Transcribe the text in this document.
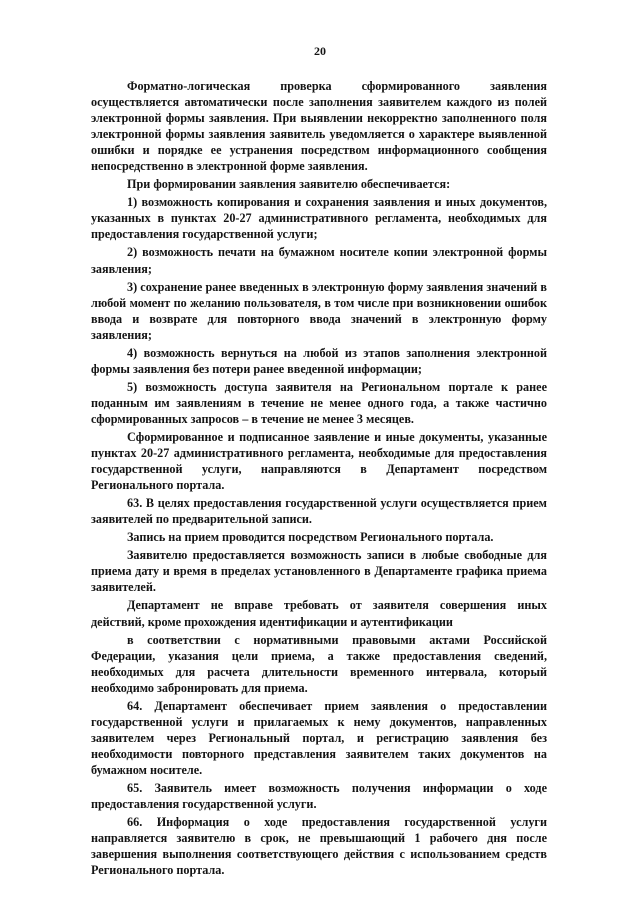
20

Форматно-логическая проверка сформированного заявления осуществляется автоматически после заполнения заявителем каждого из полей электронной формы заявления. При выявлении некорректно заполненного поля электронной формы заявления заявитель уведомляется о характере выявленной ошибки и порядке ее устранения посредством информационного сообщения непосредственно в электронной форме заявления.

При формировании заявления заявителю обеспечивается:

1) возможность копирования и сохранения заявления и иных документов, указанных в пунктах 20-27 административного регламента, необходимых для предоставления государственной услуги;

2) возможность печати на бумажном носителе копии электронной формы заявления;

3) сохранение ранее введенных в электронную форму заявления значений в любой момент по желанию пользователя, в том числе при возникновении ошибок ввода и возврате для повторного ввода значений в электронную форму заявления;

4) возможность вернуться на любой из этапов заполнения электронной формы заявления без потери ранее введенной информации;

5) возможность доступа заявителя на Региональном портале к ранее поданным им заявлениям в течение не менее одного года, а также частично сформированных запросов – в течение не менее 3 месяцев.

Сформированное и подписанное заявление и иные документы, указанные пунктах 20-27 административного регламента, необходимые для предоставления государственной услуги, направляются в Департамент посредством Регионального портала.

63. В целях предоставления государственной услуги осуществляется прием заявителей по предварительной записи.

Запись на прием проводится посредством Регионального портала.

Заявителю предоставляется возможность записи в любые свободные для приема дату и время в пределах установленного в Департаменте графика приема заявителей.

Департамент не вправе требовать от заявителя совершения иных действий, кроме прохождения идентификации и аутентификации

в соответствии с нормативными правовыми актами Российской Федерации, указания цели приема, а также предоставления сведений, необходимых для расчета длительности временного интервала, который необходимо забронировать для приема.

64. Департамент обеспечивает прием заявления о предоставлении государственной услуги и прилагаемых к нему документов, направленных заявителем через Региональный портал, и регистрацию заявления без необходимости повторного представления заявителем таких документов на бумажном носителе.

65. Заявитель имеет возможность получения информации о ходе предоставления государственной услуги.

66. Информация о ходе предоставления государственной услуги направляется заявителю в срок, не превышающий 1 рабочего дня после завершения выполнения соответствующего действия с использованием средств Регионального портала.
